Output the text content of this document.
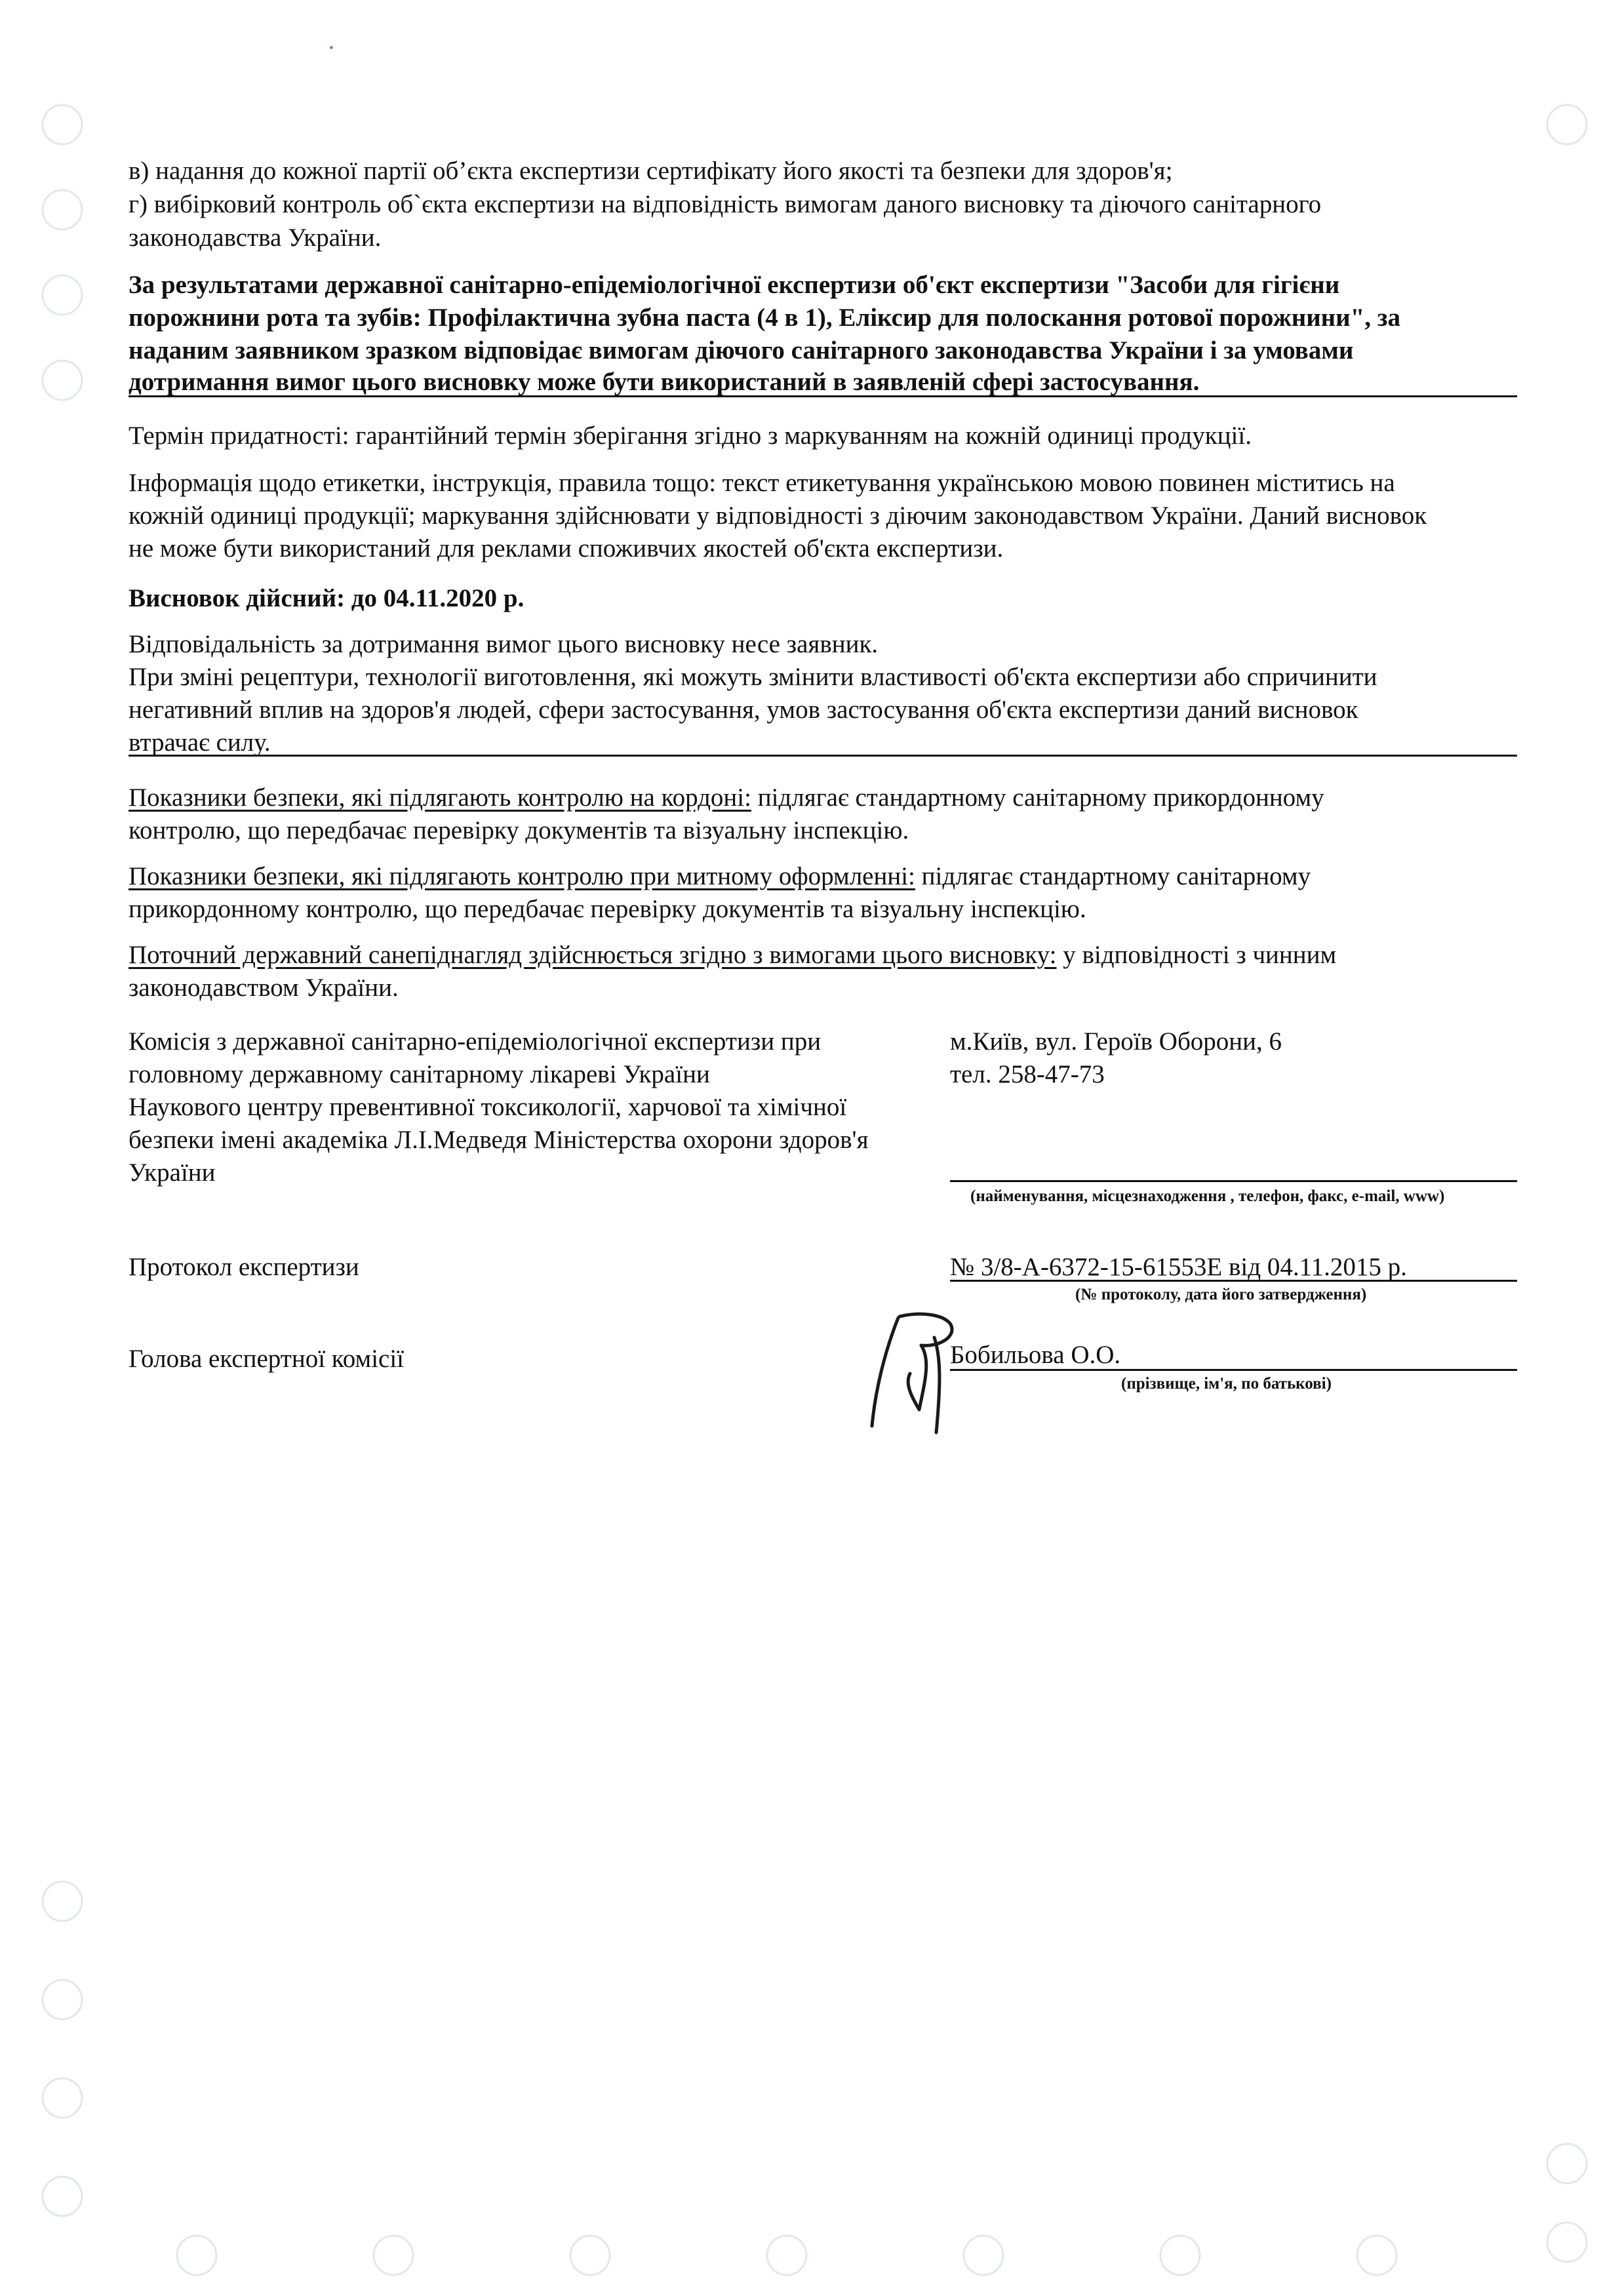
в) надання до кожної партії об’єкта експертизи сертифікату його якості та безпеки для здоров'я;
г) вибірковий контроль об`єкта експертизи на відповідність вимогам даного висновку та діючого санітарного
законодавства України.
За результатами державної санітарно-епідеміологічної експертизи об'єкт експертизи "Засоби для гігієни
порожнини рота та зубів: Профілактична зубна паста (4 в 1), Еліксир для полоскання ротової порожнини", за
наданим заявником зразком відповідає вимогам діючого санітарного законодавства України і за умовами
дотримання вимог цього висновку може бути використаний в заявленій сфері застосування.
Термін придатності: гарантійний термін зберігання згідно з маркуванням на кожній одиниці продукції.
Інформація щодо етикетки, інструкція, правила тощо: текст етикетування українською мовою повинен міститись на
кожній одиниці продукції; маркування здійснювати у відповідності з діючим законодавством України. Даний висновок
не може бути використаний для реклами споживчих якостей об'єкта експертизи.
Висновок дійсний: до 04.11.2020 р.
Відповідальність за дотримання вимог цього висновку несе заявник.
При зміні рецептури, технології виготовлення, які можуть змінити властивості об'єкта експертизи або спричинити
негативний вплив на здоров'я людей, сфери застосування, умов застосування об'єкта експертизи даний висновок
втрачає силу.
Показники безпеки, які підлягають контролю на кордоні: підлягає стандартному санітарному прикордонному
контролю, що передбачає перевірку документів та візуальну інспекцію.
Показники безпеки, які підлягають контролю при митному оформленні: підлягає стандартному санітарному
прикордонному контролю, що передбачає перевірку документів та візуальну інспекцію.
Поточний державний санепіднагляд здійснюється згідно з вимогами цього висновку: у відповідності з чинним
законодавством України.
Комісія з державної санітарно-епідеміологічної експертизи при
головному державному санітарному лікареві України
Наукового центру превентивної токсикології, харчової та хімічної
безпеки імені академіка Л.І.Медведя Міністерства охорони здоров'я
України
м.Київ, вул. Героїв Оборони, 6
тел. 258-47-73
(найменування, місцезнаходження , телефон, факс, e-mail, www)
Протокол експертизи	№ 3/8-А-6372-15-61553Е від 04.11.2015 р.
(№ протоколу, дата його затвердження)
Голова експертної комісії	Бобильова О.О.
(прізвище, ім'я, по батькові)
